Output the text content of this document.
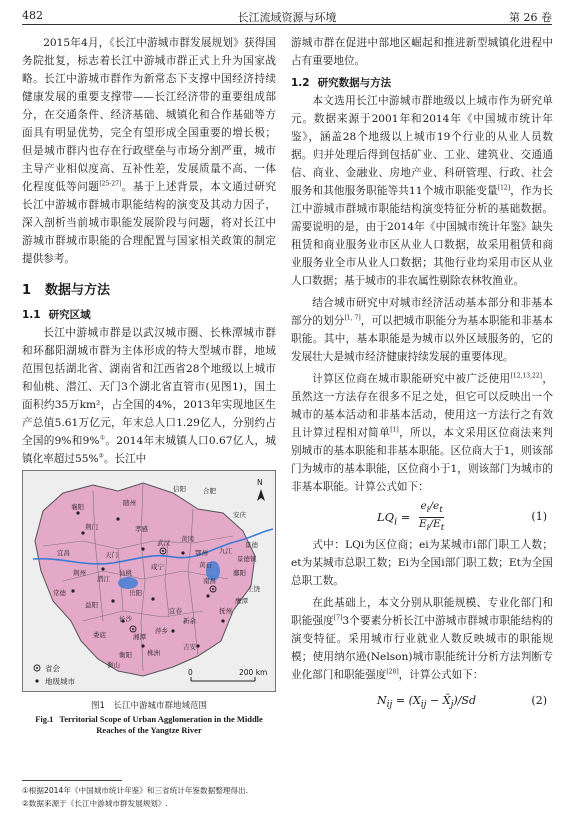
482	长江流域资源与环境	第 26 卷

2015年4月，《长江中游城市群发展规划》获得国务院批复，标志着长江中游城市群正式上升为国家战略。长江中游城市群作为新常态下支撑中国经济持续健康发展的重要支撑带——长江经济带的重要组成部分，在交通条件、经济基础、城镇化和合作基础等方面具有明显优势，完全有望形成全国重要的增长极；但是城市群内也存在行政壁垒与市场分割严重，城市主导产业相似度高、互补性差，发展质量不高、一体化程度低等问题[25-27]。基于上述背景，本文通过研究长江中游城市群城市职能结构的演变及其动力因子，深入剖析当前城市职能发展阶段与问题，将对长江中游城市群城市职能的合理配置与国家相关政策的制定提供参考。

1 数据与方法
1.1 研究区域

长江中游城市群是以武汉城市圈、长株潭城市群和环鄱阳湖城市群为主体形成的特大型城市群，地域范围包括湖北省、湖南省和江西省28个地级以上城市和仙桃、潜江、天门3个湖北省直管市(见图1)，国土面积约35万km²，占全国的4%，2013年实现地区生产总值5.61万亿元，年末总人口1.29亿人，分别约占全国的9%和9%①。2014年末城镇人口0.67亿人，城镇化率超过55%②。长江中

襄阳	随州
孝感
荆门
宜昌	天门
荆州
潜江
仙桃
武汉 黄冈
鄂州
黄石
咸宁
九江
景德镇
鄱阳
常德
益阳
岳阳
南昌
上饶
鹰潭
抚州
宜春
新余
长沙
萍乡
湘潭
株洲
衡阳
娄底
吉安
合肥
安庆
信阳
景德
衡山
N
省会
地级城市
0	200 km
图1　长江中游城市群地域范围
Fig.1 Territorial Scope of Urban Agglomeration in the Middle Reaches of the Yangtze River
①根据2014年《中国城市统计年鉴》和三省统计年鉴数据整理得出.
②数据来源于《长江中游城市群发展规划》.

游城市群在促进中部地区崛起和推进新型城镇化进程中占有重要地位。

1.2 研究数据与方法

本文选用长江中游城市群地级以上城市作为研究单元。数据来源于2001年和2014年《中国城市统计年鉴》，涵盖28个地级以上城市19个行业的从业人员数据。归并处理后得到包括矿业、工业、建筑业、交通通信、商业、金融业、房地产业、科研管理、行政、社会服务和其他服务职能等共11个城市职能变量[12]，作为长江中游城市群城市职能结构演变特征分析的基础数据。需要说明的是，由于2014年《中国城市统计年鉴》缺失租赁和商业服务业市区从业人口数据，故采用租赁和商业服务业全市从业人口数据；其他行业均采用市区从业人口数据；基于城市的非农属性剔除农林牧渔业。

结合城市研究中对城市经济活动基本部分和非基本部分的划分[1, 7]，可以把城市职能分为基本职能和非基本职能。其中，基本职能是为城市以外区域服务的，它的发展壮大是城市经济健康持续发展的重要体现。

计算区位商在城市职能研究中被广泛使用[12,13,22]，虽然这一方法存在很多不足之处，但它可以反映出一个城市的基本活动和非基本活动，使用这一方法行之有效且计算过程相对简单[1]，所以，本文采用区位商法来判别城市的基本职能和非基本职能。区位商大于1，则该部门为城市的基本职能，区位商小于1，则该部门为城市的非基本职能。计算公式如下：

$LQ_i = \frac{e_i/e_t}{E_i/E_t}$	(1)

式中：LQi为区位商；ei为某城市i部门职工人数；et为某城市总职工数；Ei为全国i部门职工数；Et为全国总职工数。

在此基础上，本文分别从职能规模、专业化部门和职能强度[7]3个要素分析长江中游城市群城市职能结构的演变特征。采用城市行业就业人数反映城市的职能规模；使用纳尔逊(Nelson)城市职能统计分析方法判断专业化部门和职能强度[28]，计算公式如下：

$N_{ij} = (X_{ij}$ − $X̄_j)/Sd$	(2)
